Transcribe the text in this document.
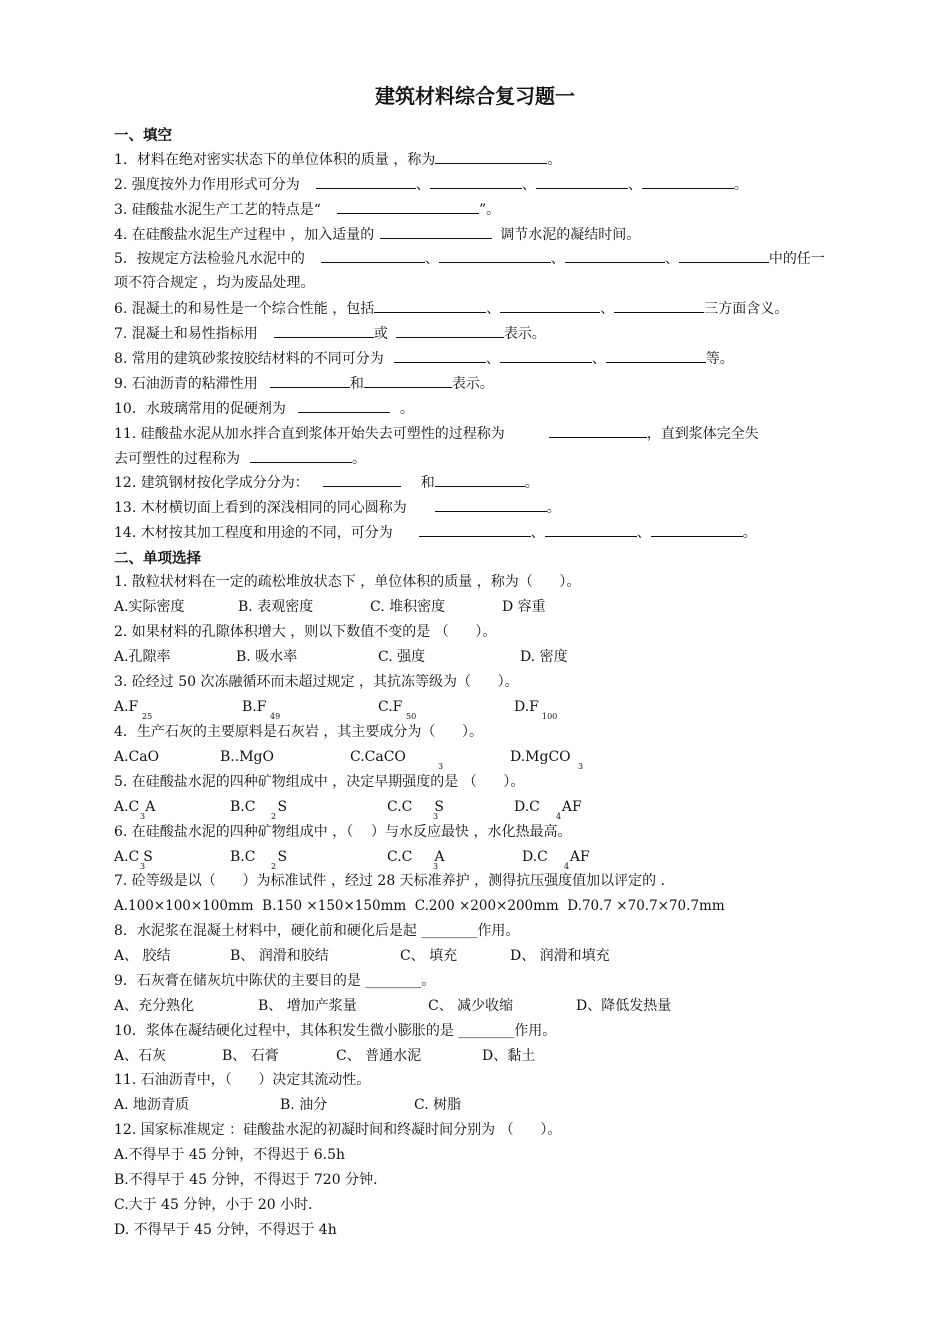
建筑材料综合复习题一
一、填空
1．材料在绝对密实状态下的单位体积的质量 ，称为	。
2. 强度按外力作用形式可分为	、	、	、	。
3. 硅酸盐水泥生产工艺的特点是“	”。
4. 在硅酸盐水泥生产过程中 ，加入适量的	调节水泥的凝结时间。
5．按规定方法检验凡水泥中的	、	、	、	中的任一
项不符合规定 ，均为废品处理。
6. 混凝土的和易性是一个综合性能 ，包括	、	、	三方面含义。
7. 混凝土和易性指标用	或	表示。
8. 常用的建筑砂浆按胶结材料的不同可分为	、	、	等。
9. 石油沥青的粘滞性用	和	表示。
10．水玻璃常用的促硬剂为	。
11. 硅酸盐水泥从加水拌合直到浆体开始失去可塑性的过程称为	，直到浆体完全失
去可塑性的过程称为	。
12. 建筑钢材按化学成分分为：	和	。
13. 木材横切面上看到的深浅相同的同心圆称为	。
14. 木材按其加工程度和用途的不同，可分为	、	、	。
二、单项选择
1. 散粒状材料在一定的疏松堆放状态下 ，单位体积的质量 ，称为（      ）。
A.实际密度	B. 表观密度	C. 堆积密度	D 容重
2. 如果材料的孔隙体积增大 ，则以下数值不变的是 （      ）。
A.孔隙率	B. 吸水率	C. 强度	D. 密度
3. 砼经过 50 次冻融循环而未超过规定 ，其抗冻等级为（      ）。
A.F
25
B.F
49
C.F
50
D.F
100
4．生产石灰的主要原料是石灰岩 ，其主要成分为（      ）。
A.CaO	B..MgO	C.CaCO
3
D.MgCO
3
5. 在硅酸盐水泥的四种矿物组成中 ，决定早期强度的是 （      ）。
A.C A
3
B.C S
2
C.C S
3
D.C AF
4
6. 在硅酸盐水泥的四种矿物组成中 ，（    ）与水反应最快 ，水化热最高。
A.C S
3
B.C S
2
C.C A
3
D.C AF
4
7. 砼等级是以（      ）为标准试件 ，经过 28 天标准养护 ，测得抗压强度值加以评定的 .
A.100×100×100mm  B.150 ×150×150mm  C.200 ×200×200mm  D.70.7 ×70.7×70.7mm
8．水泥浆在混凝土材料中，硬化前和硬化后是起 ________作用。
A、 胶结	B、 润滑和胶结	C、 填充	D、 润滑和填充
9．石灰膏在储灰坑中陈伏的主要目的是 ________。
A、充分熟化	B、 增加产浆量	C、 减少收缩	D、降低发热量
10．浆体在凝结硬化过程中，其体积发生微小膨胀的是 ________作用。
A、石灰	B、 石膏	C、 普通水泥	D、黏土
11. 石油沥青中，（      ）决定其流动性。
A. 地沥青质	B. 油分	C. 树脂
12. 国家标准规定 ：硅酸盐水泥的初凝时间和终凝时间分别为 （      ）。
A.不得早于 45 分钟，不得迟于 6.5h
B.不得早于 45 分钟，不得迟于 720 分钟．
C.大于 45 分钟，小于 20 小时．
D. 不得早于 45 分钟，不得迟于 4h
